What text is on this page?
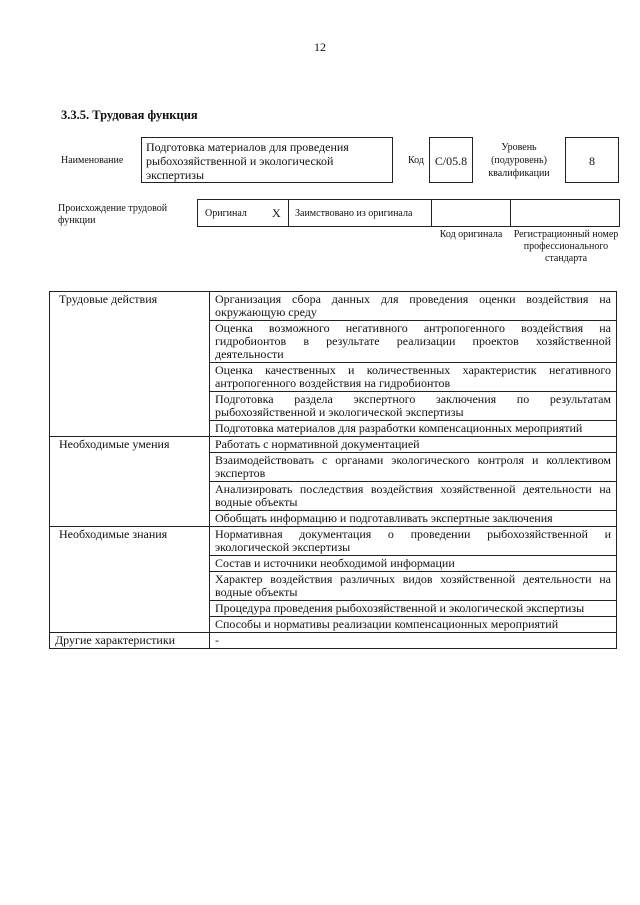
12
3.3.5. Трудовая функция
Наименование
Подготовка материалов для проведения рыбохозяйственной и экологической экспертизы
Код C/05.8
Уровень (подуровень) квалификации
8
Происхождение трудовой функции
Оригинал X Заимствовано из оригинала
Код оригинала Регистрационный номер профессионального стандарта
Трудовые действия	Организация сбора данных для проведения оценки воздействия на окружающую среду
	Оценка возможного негативного антропогенного воздействия на гидробионтов в результате реализации проектов хозяйственной деятельности
	Оценка качественных и количественных характеристик негативного антропогенного воздействия на гидробионтов
	Подготовка раздела экспертного заключения по результатам рыбохозяйственной и экологической экспертизы
	Подготовка материалов для разработки компенсационных мероприятий
Необходимые умения	Работать с нормативной документацией
	Взаимодействовать с органами экологического контроля и коллективом экспертов
	Анализировать последствия воздействия хозяйственной деятельности на водные объекты
	Обобщать информацию и подготавливать экспертные заключения
Необходимые знания	Нормативная документация о проведении рыбохозяйственной и экологической экспертизы
	Состав и источники необходимой информации
	Характер воздействия различных видов хозяйственной деятельности на водные объекты
	Процедура проведения рыбохозяйственной и экологической экспертизы
	Способы и нормативы реализации компенсационных мероприятий
Другие характеристики	-
